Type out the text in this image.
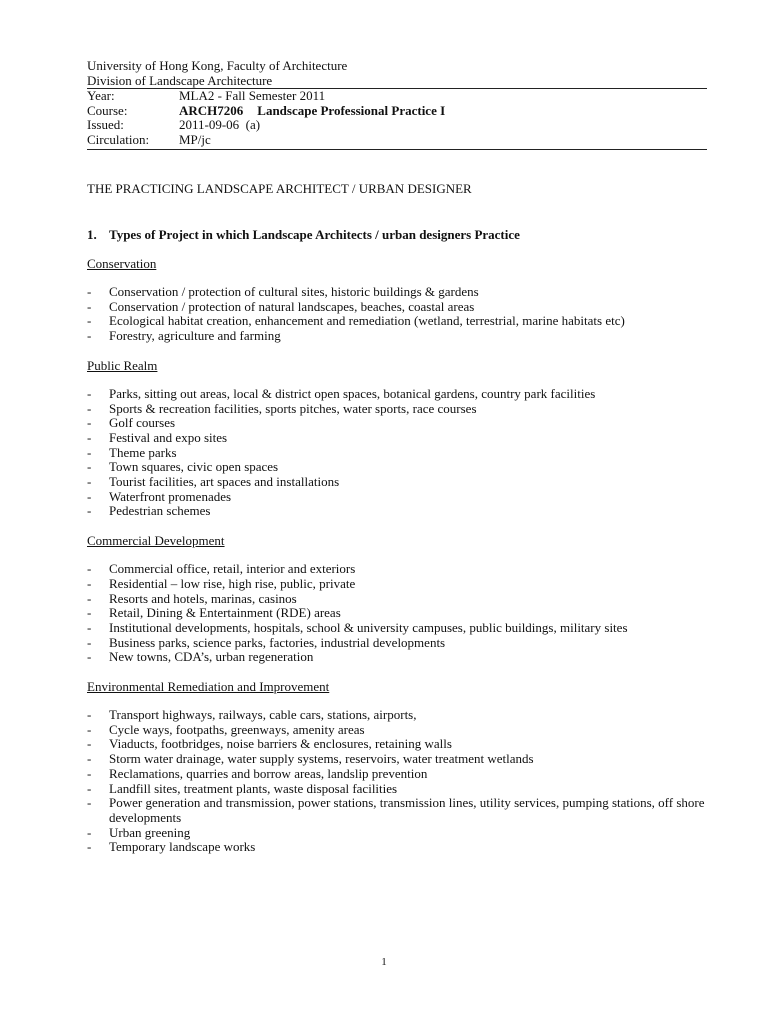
University of Hong Kong, Faculty of Architecture
Division of Landscape Architecture
Year:	MLA2 - Fall Semester 2011
Course:	ARCH7206 Landscape Professional Practice I
Issued:	2011-09-06  (a)
Circulation:	MP/jc
THE PRACTICING LANDSCAPE ARCHITECT / URBAN DESIGNER
1. Types of Project in which Landscape Architects / urban designers Practice
Conservation
-	Conservation / protection of cultural sites, historic buildings & gardens
-	Conservation / protection of natural landscapes, beaches, coastal areas
-	Ecological habitat creation, enhancement and remediation (wetland, terrestrial, marine habitats etc)
-	Forestry, agriculture and farming
Public Realm
-	Parks, sitting out areas, local & district open spaces, botanical gardens, country park facilities
-	Sports & recreation facilities, sports pitches, water sports, race courses
-	Golf courses
-	Festival and expo sites
-	Theme parks
-	Town squares, civic open spaces
-	Tourist facilities, art spaces and installations
-	Waterfront promenades
-	Pedestrian schemes
Commercial Development
-	Commercial office, retail, interior and exteriors
-	Residential – low rise, high rise, public, private
-	Resorts and hotels, marinas, casinos
-	Retail, Dining & Entertainment (RDE) areas
-	Institutional developments, hospitals, school & university campuses, public buildings, military sites
-	Business parks, science parks, factories, industrial developments
-	New towns, CDA’s, urban regeneration
Environmental Remediation and Improvement
-	Transport highways, railways, cable cars, stations, airports,
-	Cycle ways, footpaths, greenways, amenity areas
-	Viaducts, footbridges, noise barriers & enclosures, retaining walls
-	Storm water drainage, water supply systems, reservoirs, water treatment wetlands
-	Reclamations, quarries and borrow areas, landslip prevention
-	Landfill sites, treatment plants, waste disposal facilities
-	Power generation and transmission, power stations, transmission lines, utility services, pumping stations, off shore developments
-	Urban greening
-	Temporary landscape works
1
